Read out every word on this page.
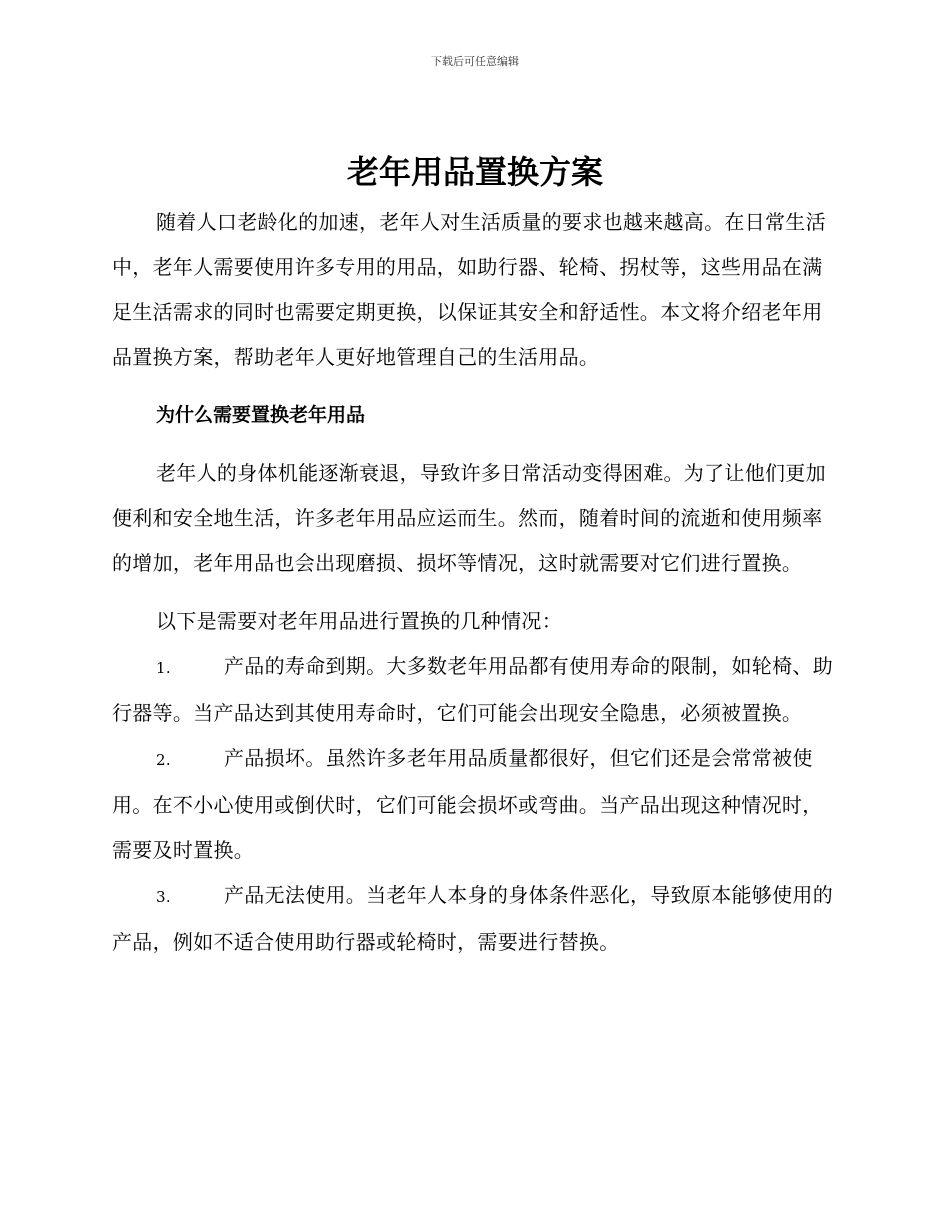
下载后可任意编辑
老年用品置换方案

随着人口老龄化的加速，老年人对生活质量的要求也越来越高。在日常生活中，老年人需要使用许多专用的用品，如助行器、轮椅、拐杖等，这些用品在满足生活需求的同时也需要定期更换，以保证其安全和舒适性。本文将介绍老年用品置换方案，帮助老年人更好地管理自己的生活用品。

为什么需要置换老年用品

老年人的身体机能逐渐衰退，导致许多日常活动变得困难。为了让他们更加便利和安全地生活，许多老年用品应运而生。然而，随着时间的流逝和使用频率的增加，老年用品也会出现磨损、损坏等情况，这时就需要对它们进行置换。

以下是需要对老年用品进行置换的几种情况：

1.	产品的寿命到期。大多数老年用品都有使用寿命的限制，如轮椅、助行器等。当产品达到其使用寿命时，它们可能会出现安全隐患，必须被置换。

2.	产品损坏。虽然许多老年用品质量都很好，但它们还是会常常被使用。在不小心使用或倒伏时，它们可能会损坏或弯曲。当产品出现这种情况时，需要及时置换。

3.	产品无法使用。当老年人本身的身体条件恶化，导致原本能够使用的产品，例如不适合使用助行器或轮椅时，需要进行替换。
